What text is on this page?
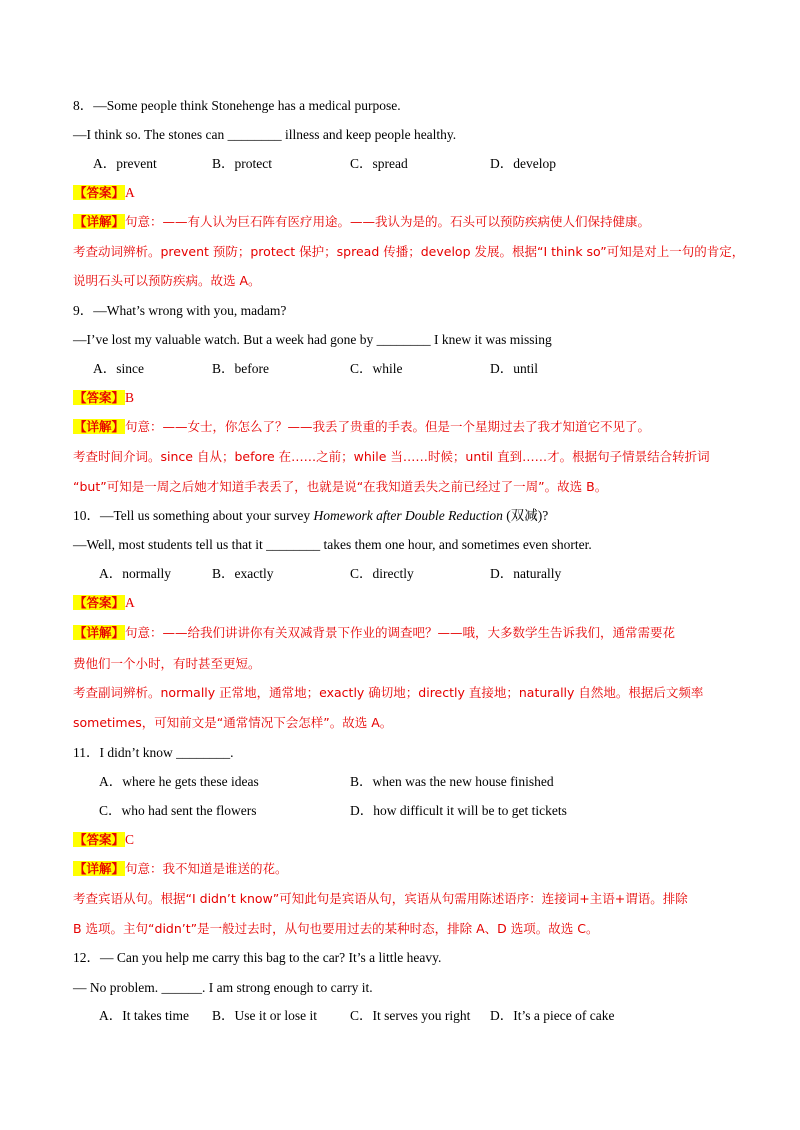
8．—Some people think Stonehenge has a medical purpose.
—I think so. The stones can ________ illness and keep people healthy.
A．prevent	B．protect	C．spread	D．develop
【答案】A
【详解】句意：——有人认为巨石阵有医疗用途。——我认为是的。石头可以预防疾病使人们保持健康。
考查动词辨析。prevent 预防；protect 保护；spread 传播；develop 发展。根据“I think so”可知是对上一句的肯定，
说明石头可以预防疾病。故选 A。
9．—What’s wrong with you, madam?
—I’ve lost my valuable watch. But a week had gone by ________ I knew it was missing
A．since	B．before	C．while	D．until
【答案】B
【详解】句意：——女士，你怎么了？——我丢了贵重的手表。但是一个星期过去了我才知道它不见了。
考查时间介词。since 自从；before 在……之前；while 当……时候；until 直到……才。根据句子情景结合转折词
“but”可知是一周之后她才知道手表丢了，也就是说“在我知道丢失之前已经过了一周”。故选 B。
10．—Tell us something about your survey Homework after Double Reduction (双减)?
—Well, most students tell us that it ________ takes them one hour, and sometimes even shorter.
A．normally	B．exactly	C．directly	D．naturally
【答案】A
【详解】句意：——给我们讲讲你有关双减背景下作业的调查吧？——哦，大多数学生告诉我们，通常需要花
费他们一个小时，有时甚至更短。
考查副词辨析。normally 正常地，通常地；exactly 确切地；directly 直接地；naturally 自然地。根据后文频率
sometimes，可知前文是“通常情况下会怎样”。故选 A。
11．I didn’t know ________.
A．where he gets these ideas	B．when was the new house finished
C．who had sent the flowers	D．how difficult it will be to get tickets
【答案】C
【详解】句意：我不知道是谁送的花。
考查宾语从句。根据“I didn’t know”可知此句是宾语从句，宾语从句需用陈述语序：连接词+主语+谓语。排除
B 选项。主句“didn’t”是一般过去时，从句也要用过去的某种时态，排除 A、D 选项。故选 C。
12．— Can you help me carry this bag to the car? It’s a little heavy.
— No problem. ______. I am strong enough to carry it.
A．It takes time B．Use it or lose it C．It serves you right D．It’s a piece of cake
